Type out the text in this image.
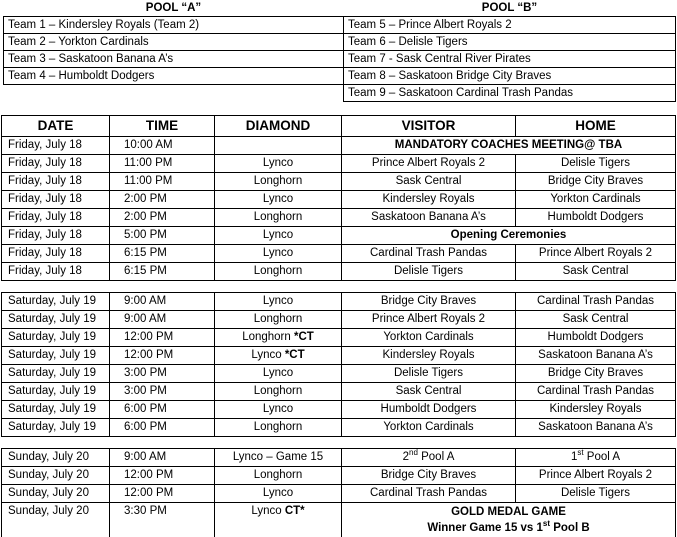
POOL “A”	POOL “B”
Team 1 – Kindersley Royals (Team 2)	Team 5 – Prince Albert Royals 2
Team 2 – Yorkton Cardinals	Team 6 – Delisle Tigers
Team 3 – Saskatoon Banana A’s	Team 7 - Sask Central River Pirates
Team 4 – Humboldt Dodgers	Team 8 – Saskatoon Bridge City Braves
	Team 9 – Saskatoon Cardinal Trash Pandas
DATE	TIME	DIAMOND	VISITOR	HOME
Friday, July 18	10:00 AM		MANDATORY COACHES MEETING@ TBA	
Friday, July 18	11:00 PM	Lynco	Prince Albert Royals 2	Delisle Tigers
Friday, July 18	11:00 PM	Longhorn	Sask Central	Bridge City Braves
Friday, July 18	2:00 PM	Lynco	Kindersley Royals	Yorkton Cardinals
Friday, July 18	2:00 PM	Longhorn	Saskatoon Banana A’s	Humboldt Dodgers
Friday, July 18	5:00 PM	Lynco	Opening Ceremonies	
Friday, July 18	6:15 PM	Lynco	Cardinal Trash Pandas	Prince Albert Royals 2
Friday, July 18	6:15 PM	Longhorn	Delisle Tigers	Sask Central

Saturday, July 19	9:00 AM	Lynco	Bridge City Braves	Cardinal Trash Pandas
Saturday, July 19	9:00 AM	Longhorn	Prince Albert Royals 2	Sask Central
Saturday, July 19	12:00 PM	Longhorn *CT	Yorkton Cardinals	Humboldt Dodgers
Saturday, July 19	12:00 PM	Lynco *CT	Kindersley Royals	Saskatoon Banana A’s
Saturday, July 19	3:00 PM	Lynco	Delisle Tigers	Bridge City Braves
Saturday, July 19	3:00 PM	Longhorn	Sask Central	Cardinal Trash Pandas
Saturday, July 19	6:00 PM	Lynco	Humboldt Dodgers	Kindersley Royals
Saturday, July 19	6:00 PM	Longhorn	Yorkton Cardinals	Saskatoon Banana A’s

Sunday, July 20	9:00 AM	Lynco – Game 15	2nd Pool A	1st Pool A
Sunday, July 20	12:00 PM	Longhorn	Bridge City Braves	Prince Albert Royals 2
Sunday, July 20	12:00 PM	Lynco	Cardinal Trash Pandas	Delisle Tigers
Sunday, July 20	3:30 PM	Lynco CT*	GOLD MEDAL GAME
Winner Game 15 vs 1st Pool B	
